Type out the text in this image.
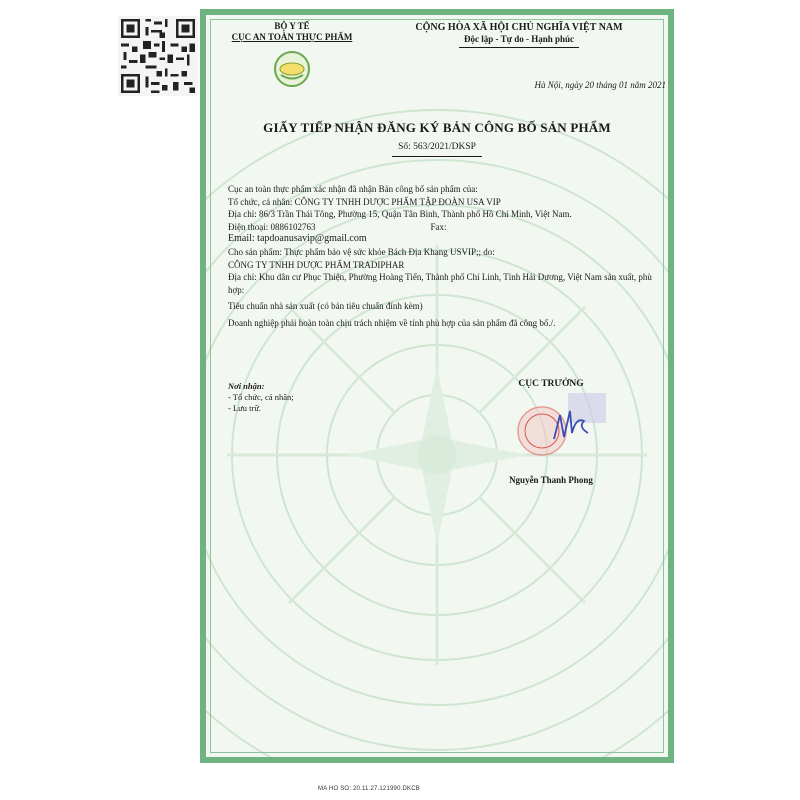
BỘ Y TẾ
CỤC AN TOÀN THỰC PHẨM
CỘNG HÒA XÃ HỘI CHỦ NGHĨA VIỆT NAM
Độc lập - Tự do - Hạnh phúc
Hà Nội, ngày 20 tháng 01 năm 2021
GIẤY TIẾP NHẬN ĐĂNG KÝ BẢN CÔNG BỐ SẢN PHẨM
Số: 563/2021/DKSP

Cục an toàn thực phẩm xác nhận đã nhận Bản công bố sản phẩm của:

Tổ chức, cá nhân: CÔNG TY TNHH DƯỢC PHẨM TẬP ĐOÀN USA VIP

Địa chỉ: 86/3 Trần Thái Tông, Phường 15, Quận Tân Bình, Thành phố Hồ Chí Minh, Việt Nam.

Điện thoại: 0886102763	Fax:

Email: tapdoanusavip@gmail.com

Cho sản phẩm: Thực phẩm bảo vệ sức khỏe Bách Địa Khang USVIP;; do:

CÔNG TY TNHH DƯỢC PHẨM TRADIPHAR

Địa chỉ: Khu dân cư Phục Thiện, Phường Hoàng Tiến, Thành phố Chí Linh, Tỉnh Hải Dương, Việt Nam sản xuất, phù hợp:

Tiêu chuẩn nhà sản xuất (có bản tiêu chuẩn đính kèm)

Doanh nghiệp phải hoàn toàn chịu trách nhiệm về tính phù hợp của sản phẩm đã công bố./.

Nơi nhận:
- Tổ chức, cá nhân;
- Lưu trữ.
CỤC TRƯỞNG
Nguyễn Thanh Phong
MA HO SO: 20.11.27.121990.DKCB
